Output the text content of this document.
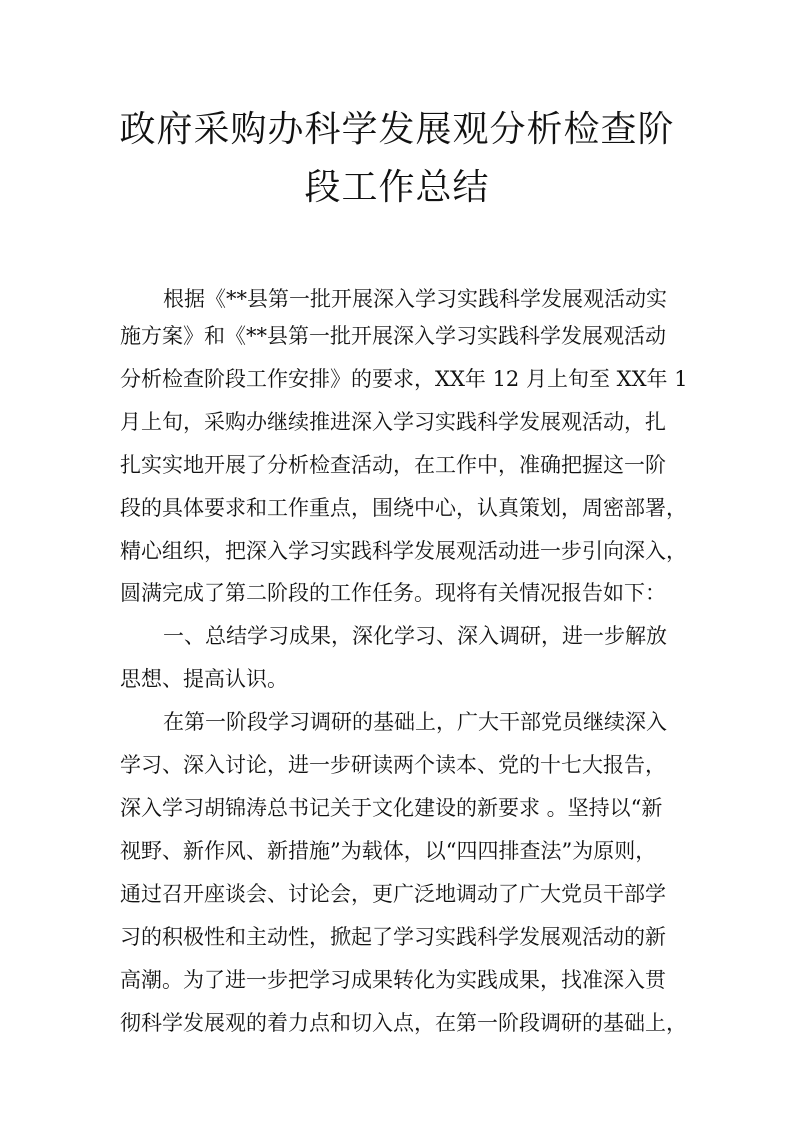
政府采购办科学发展观分析检查阶
段工作总结
根据《**县第一批开展深入学习实践科学发展观活动实
施方案》和《**县第一批开展深入学习实践科学发展观活动
分析检查阶段工作安排》的要求，XX年 12 月上旬至 XX年 1
月上旬，采购办继续推进深入学习实践科学发展观活动，扎
扎实实地开展了分析检查活动，在工作中，准确把握这一阶
段的具体要求和工作重点，围绕中心，认真策划，周密部署，
精心组织，把深入学习实践科学发展观活动进一步引向深入，
圆满完成了第二阶段的工作任务。现将有关情况报告如下：
一、总结学习成果，深化学习、深入调研，进一步解放
思想、提高认识。
在第一阶段学习调研的基础上，广大干部党员继续深入
学习、深入讨论，进一步研读两个读本、党的十七大报告，
深入学习胡锦涛总书记关于文化建设的新要求 。坚持以“新
视野、新作风、新措施”为载体，以“四四排查法”为原则，
通过召开座谈会、讨论会，更广泛地调动了广大党员干部学
习的积极性和主动性，掀起了学习实践科学发展观活动的新
高潮。为了进一步把学习成果转化为实践成果，找准深入贯
彻科学发展观的着力点和切入点，在第一阶段调研的基础上，
